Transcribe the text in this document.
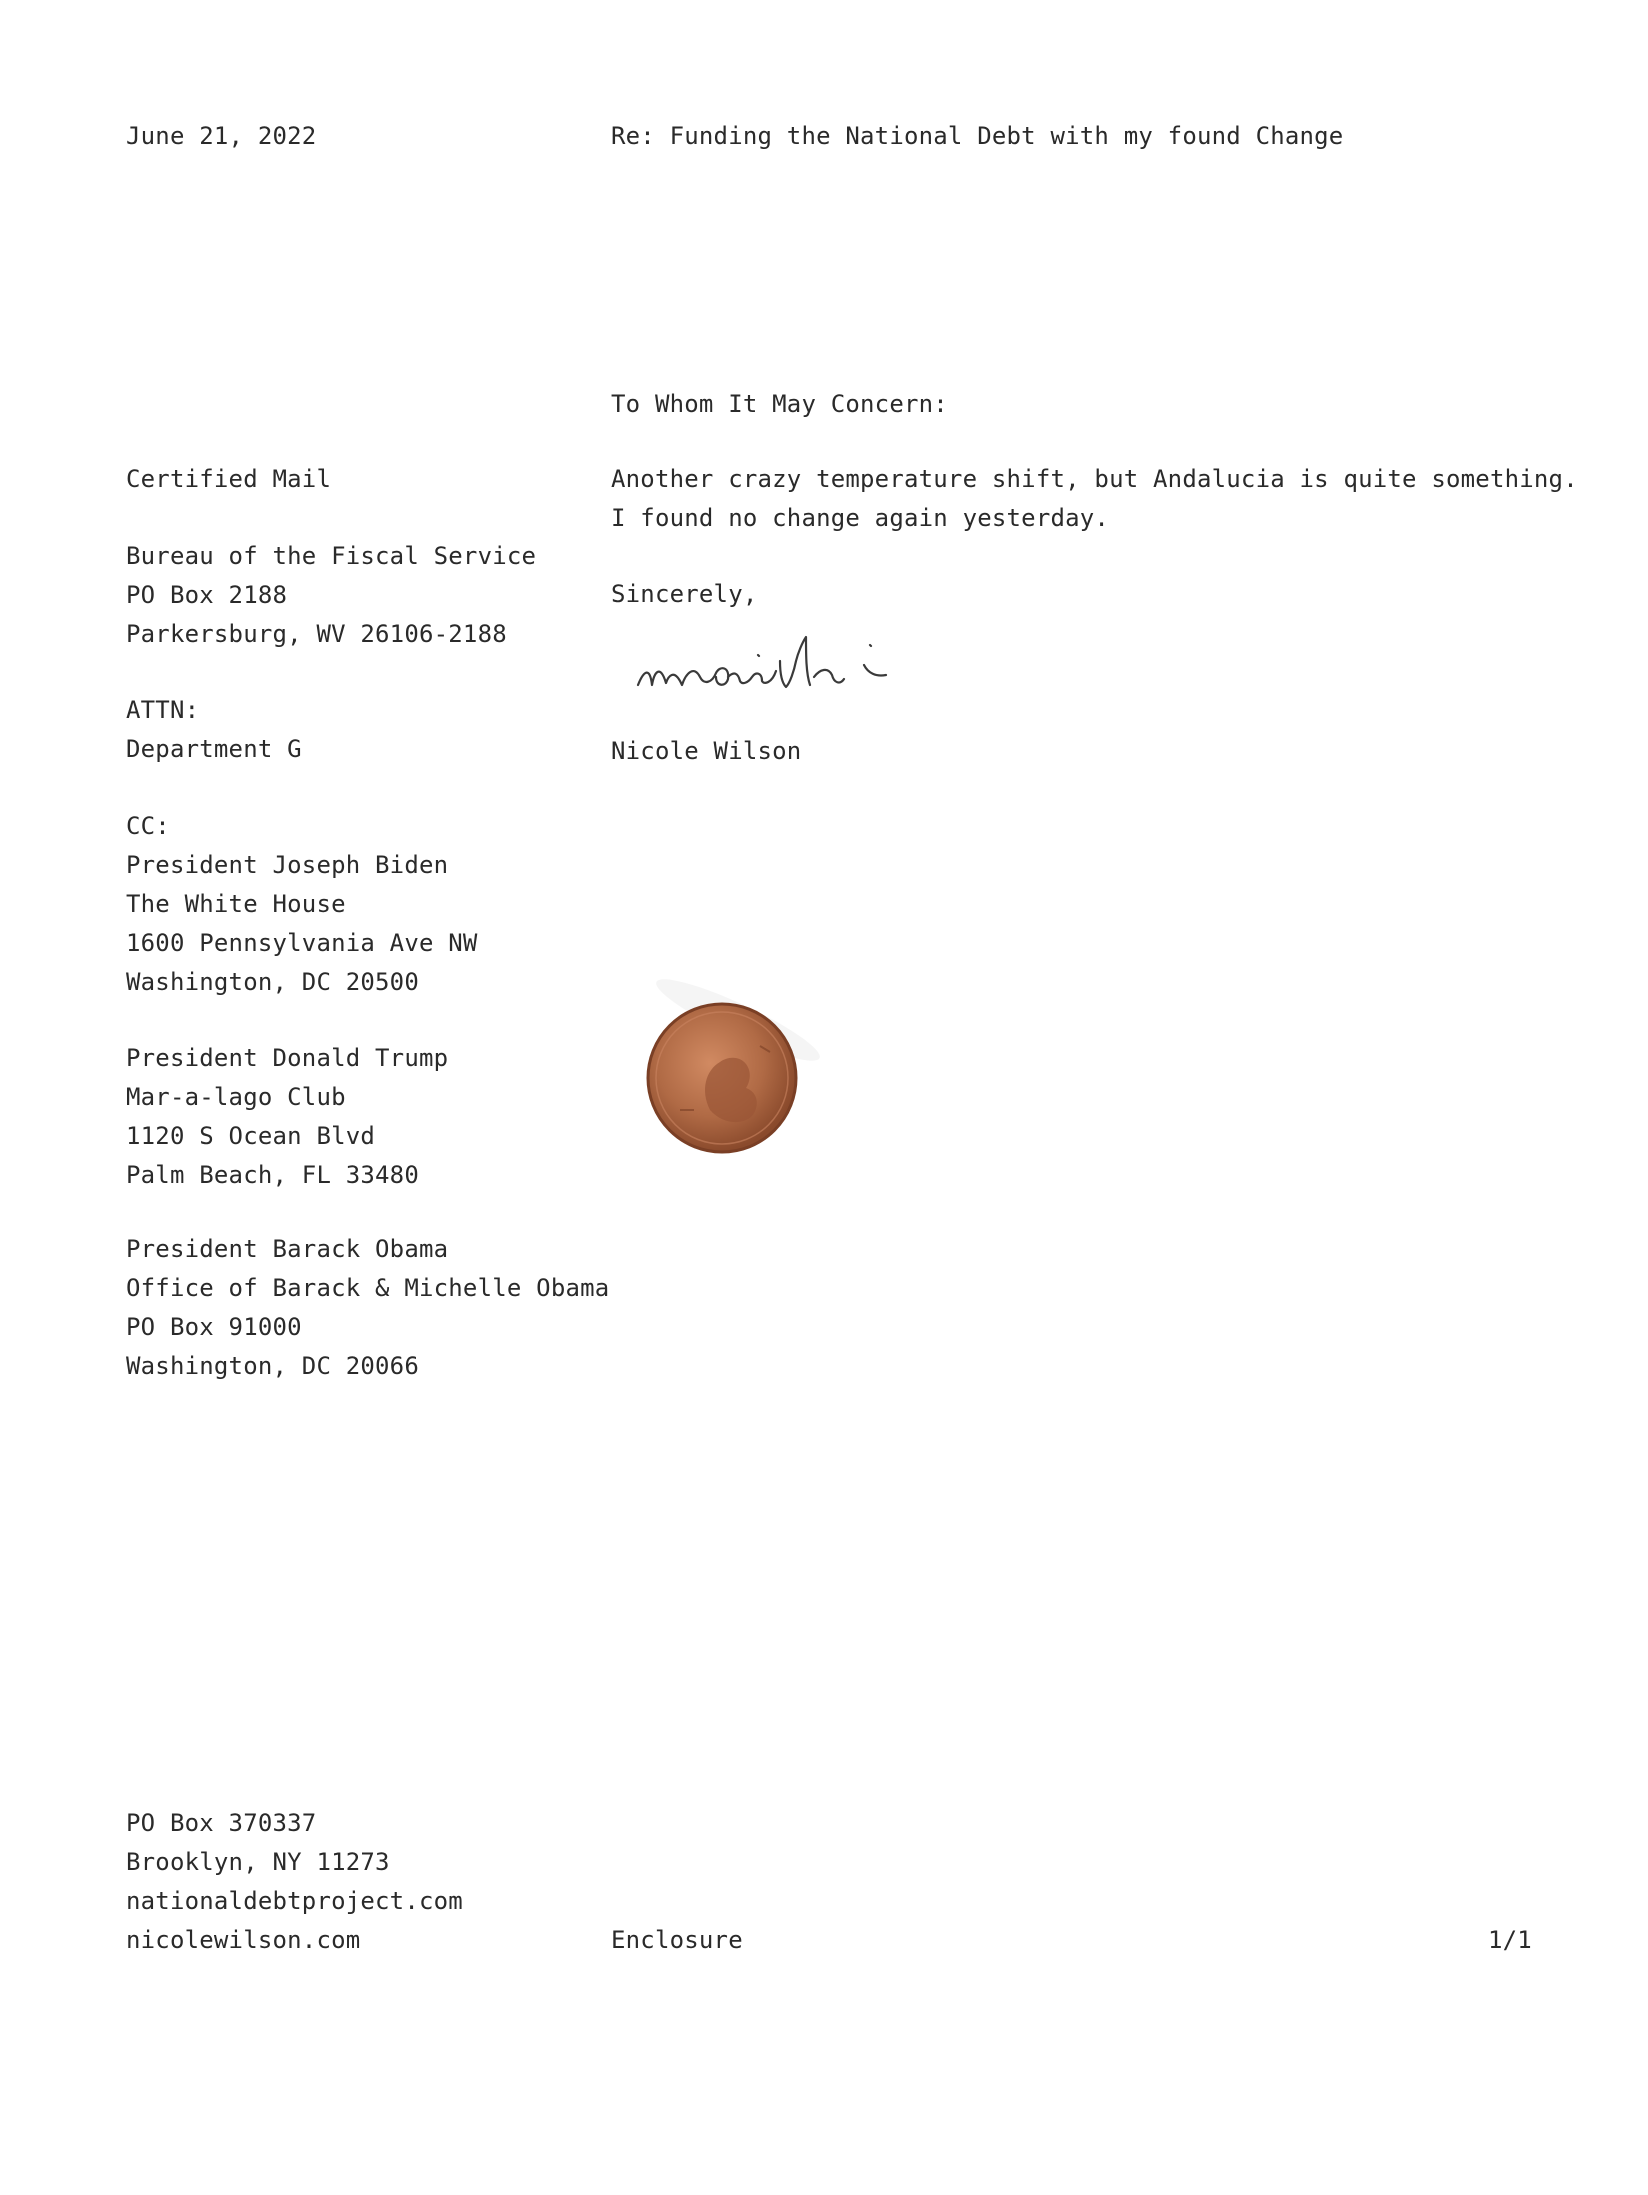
June 21, 2022	Re: Funding the National Debt with my found Change
To Whom It May Concern:
Certified Mail
Bureau of the Fiscal Service
PO Box 2188
Parkersburg, WV 26106-2188
ATTN:
Department G
CC:
President Joseph Biden
The White House
1600 Pennsylvania Ave NW
Washington, DC 20500
President Donald Trump
Mar-a-lago Club
1120 S Ocean Blvd
Palm Beach, FL 33480
President Barack Obama
Office of Barack & Michelle Obama
PO Box 91000
Washington, DC 20066
Another crazy temperature shift, but Andalucia is quite something.
I found no change again yesterday.
Sincerely,
Nicole Wilson
PO Box 370337
Brooklyn, NY 11273
nationaldebtproject.com
nicolewilson.com	Enclosure	1/1
